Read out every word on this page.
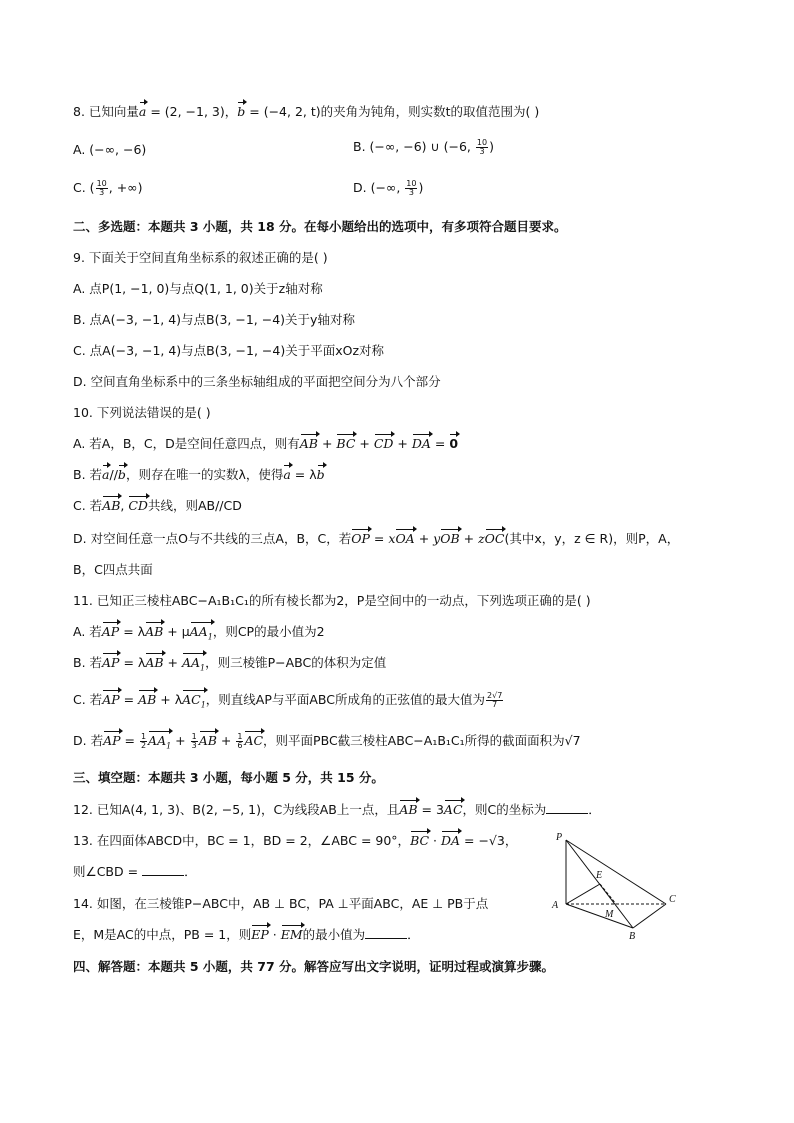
8. 已知向量a = (2, −1, 3)，b = (−4, 2, t)的夹角为钝角，则实数t的取值范围为( )
A. (−∞, −6)	B. (−∞, −6) ∪ (−6, $\frac{10}{3}$ )
C. ( $\frac{10}{3}$ , +∞)	D. (−∞, $\frac{10}{3}$ )
二、多选题：本题共 3 小题，共 18 分。在每小题给出的选项中，有多项符合题目要求。
9. 下面关于空间直角坐标系的叙述正确的是( )
A. 点P(1, −1, 0)与点Q(1, 1, 0)关于z轴对称
B. 点A(−3, −1, 4)与点B(3, −1, −4)关于y轴对称
C. 点A(−3, −1, 4)与点B(3, −1, −4)关于平面xOz对称
D. 空间直角坐标系中的三条坐标轴组成的平面把空间分为八个部分
10. 下列说法错误的是( )
A. 若A，B，C，D是空间任意四点，则有AB + BC + CD + DA = 0
B. 若a//b，则存在唯一的实数λ，使得a = λb
C. 若AB, CD共线，则AB//CD
D. 对空间任意一点O与不共线的三点A，B，C，若OP = xOA + yOB + zOC(其中x，y，z ∈ R)，则P，A，
B，C四点共面
11. 已知正三棱柱ABC−A₁B₁C₁的所有棱长都为2，P是空间中的一动点，下列选项正确的是( )
A. 若AP = λAB + μAA$_1$，则CP的最小值为2
B. 若AP = $\lambda AB + AA_1$，则三棱锥P−ABC的体积为定值
C. 若AP = AB + λAC$_1$，则直线AP与平面ABC所成角的正弦值的最大值为 $\frac{2√7}{7}$
D. 若AP = $\frac{1}{2} AA_1 + \frac{1}{3}$ AB + $\frac{1}{6}$ AC，则平面PBC截三棱柱ABC−A₁B₁C₁所得的截面面积为√7
三、填空题：本题共 3 小题，每小题 5 分，共 15 分。
12. 已知A(4, 1, 3)、B(2, −5, 1)，C为线段AB上一点，且AB = 3AC，则C的坐标为	．
13. 在四面体ABCD中，BC = 1，BD = 2，∠ABC = 90°，BC · DA = −√3，
则∠CBD =	．
14. 如图，在三棱锥P−ABC中，AB ⊥ BC，PA ⊥平面ABC，AE ⊥ PB于点
E，M是AC的中点，PB = 1，则EP · EM的最小值为	．
四、解答题：本题共 5 小题，共 77 分。解答应写出文字说明，证明过程或演算步骤。
P
E
A
C
M
B
